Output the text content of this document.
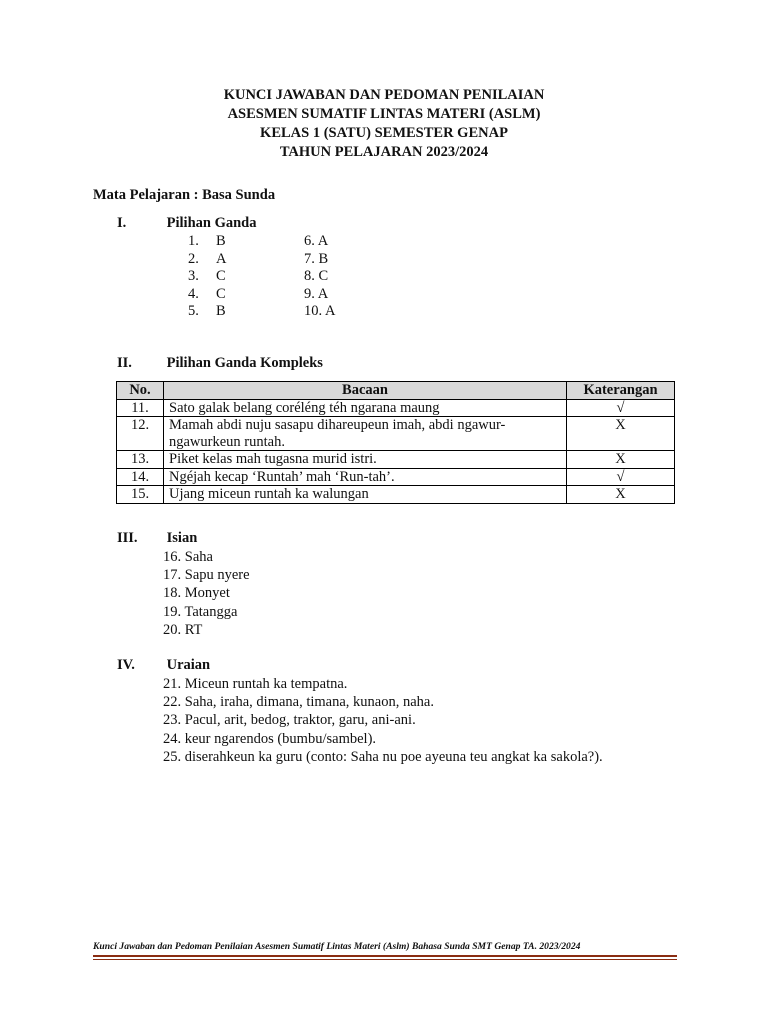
KUNCI JAWABAN DAN PEDOMAN PENILAIAN
ASESMEN SUMATIF LINTAS MATERI (ASLM)
KELAS 1 (SATU) SEMESTER GENAP
TAHUN PELAJARAN 2023/2024
Mata Pelajaran : Basa Sunda
I.	Pilihan Ganda
1.	B	6. A
2.	A	7. B
3.	C	8. C
4.	C	9. A
5.	B	10. A
II. Pilihan Ganda Kompleks
No.	Bacaan	Katerangan
11.	Sato galak belang coréléng téh ngarana maung	√
12.	Mamah abdi nuju sasapu dihareupeun imah, abdi ngawur-ngawurkeun runtah.	X
13.	Piket kelas mah tugasna murid istri.	X
14.	Ngéjah kecap ‘Runtah’ mah ‘Run-tah’.	√
15.	Ujang miceun runtah ka walungan	X
III. Isian
16. Saha
17. Sapu nyere
18. Monyet
19. Tatangga
20. RT
IV. Uraian
21. Miceun runtah ka tempatna.
22. Saha, iraha, dimana, timana, kunaon, naha.
23. Pacul, arit, bedog, traktor, garu, ani-ani.
24. keur ngarendos (bumbu/sambel).
25. diserahkeun ka guru (conto: Saha nu poe ayeuna teu angkat ka sakola?).
Kunci Jawaban dan Pedoman Penilaian Asesmen Sumatif Lintas Materi (Aslm) Bahasa Sunda SMT Genap TA. 2023/2024
